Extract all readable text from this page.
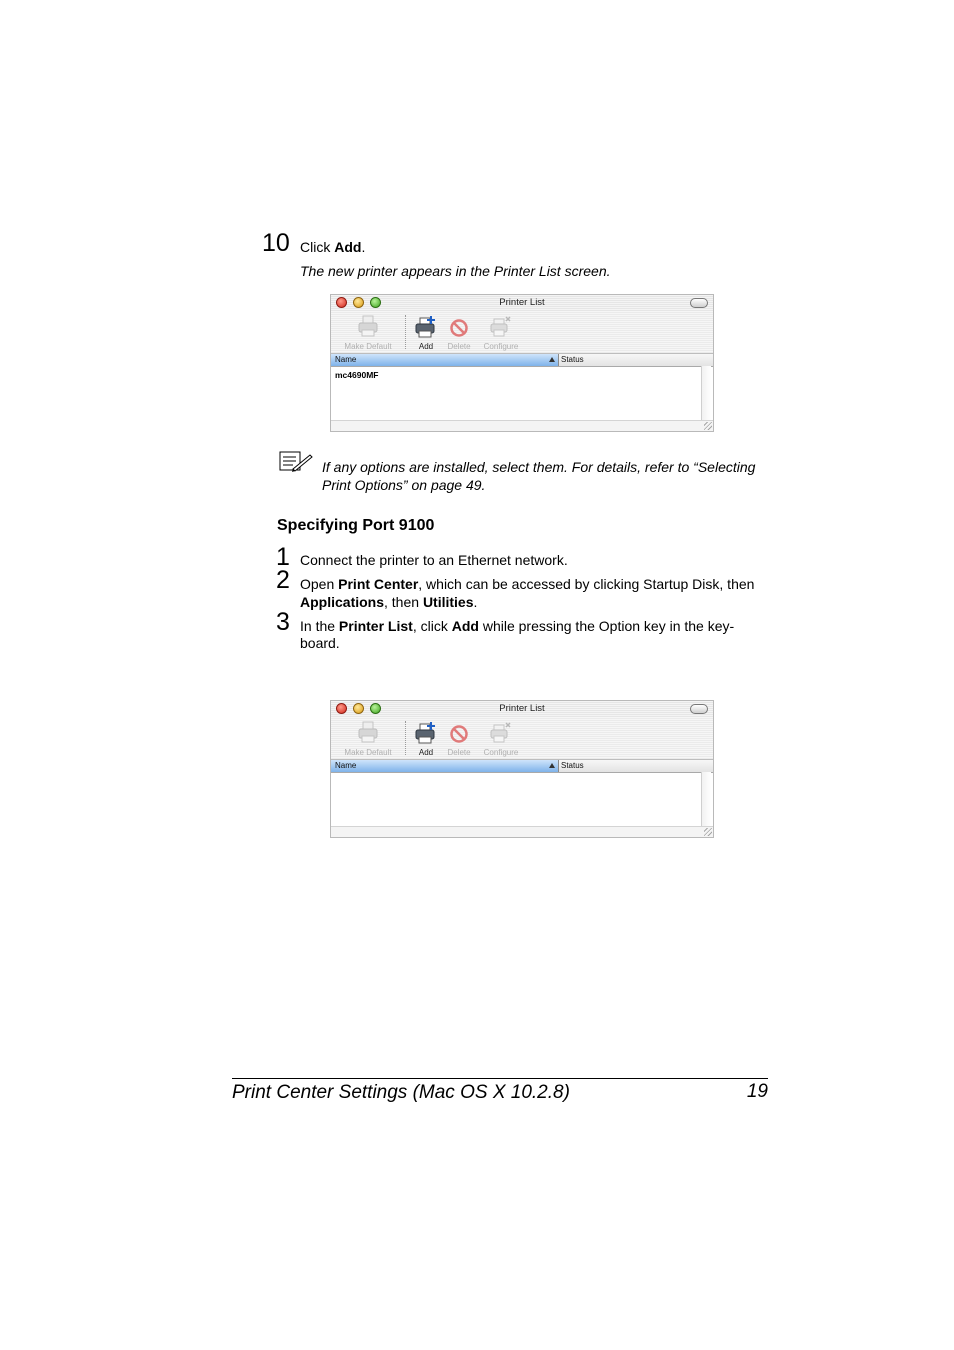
10 Click Add.
The new printer appears in the Printer List screen.
Printer List
Make Default	Add	Delete	Configure
Name	Status
mc4690MF
If any options are installed, select them. For details, refer to “Selecting
Print Options” on page 49.
Specifying Port 9100
1 Connect the printer to an Ethernet network.
2 Open Print Center, which can be accessed by clicking Startup Disk, then
Applications, then Utilities.
3 In the Printer List, click Add while pressing the Option key in the key-
board.
Printer List
Make Default	Add	Delete	Configure
Name	Status
Print Center Settings (Mac OS X 10.2.8)	19
